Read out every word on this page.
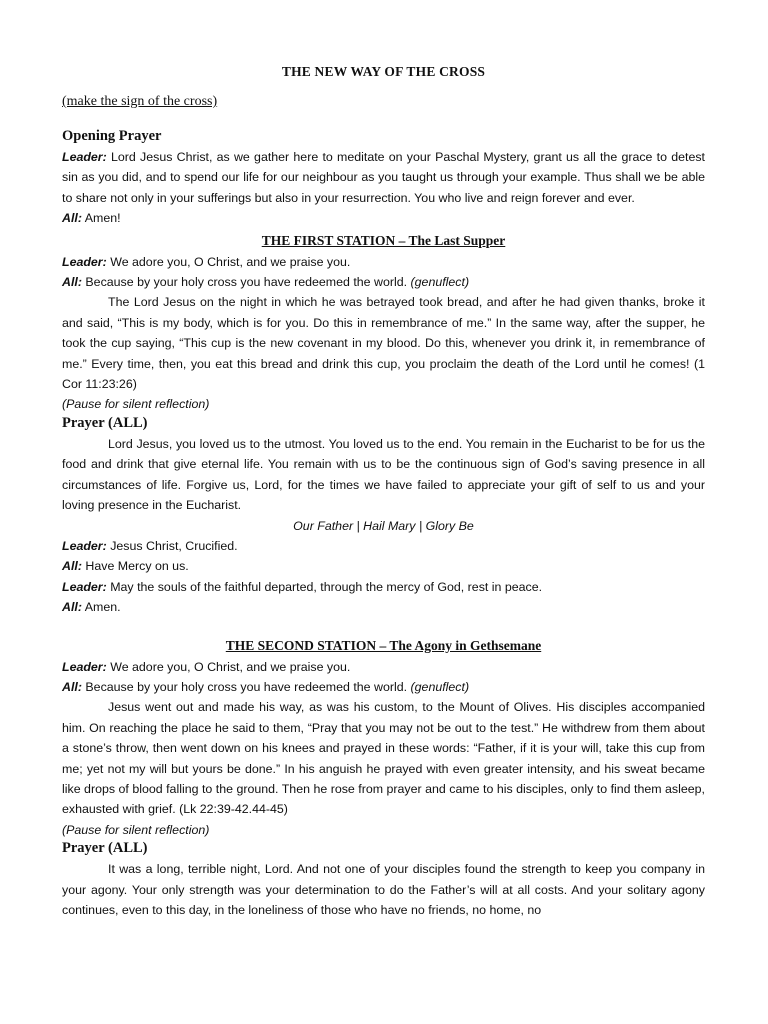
THE NEW WAY OF THE CROSS
(make the sign of the cross)
Opening Prayer

Leader: Lord Jesus Christ, as we gather here to meditate on your Paschal Mystery, grant us all the grace to detest sin as you did, and to spend our life for our neighbour as you taught us through your example. Thus shall we be able to share not only in your sufferings but also in your resurrection. You who live and reign forever and ever.

All: Amen!

THE FIRST STATION – The Last Supper

Leader: We adore you, O Christ, and we praise you.

All: Because by your holy cross you have redeemed the world. (genuflect)

The Lord Jesus on the night in which he was betrayed took bread, and after he had given thanks, broke it and said, “This is my body, which is for you. Do this in remembrance of me.” In the same way, after the supper, he took the cup saying, “This cup is the new covenant in my blood. Do this, whenever you drink it, in remembrance of me.” Every time, then, you eat this bread and drink this cup, you proclaim the death of the Lord until he comes! (1 Cor 11:23:26)

(Pause for silent reflection)

Prayer (ALL)

Lord Jesus, you loved us to the utmost. You loved us to the end. You remain in the Eucharist to be for us the food and drink that give eternal life. You remain with us to be the continuous sign of God’s saving presence in all circumstances of life. Forgive us, Lord, for the times we have failed to appreciate your gift of self to us and your loving presence in the Eucharist.

Our Father | Hail Mary | Glory Be

Leader: Jesus Christ, Crucified.

All: Have Mercy on us.

Leader: May the souls of the faithful departed, through the mercy of God, rest in peace.

All: Amen.

THE SECOND STATION – The Agony in Gethsemane

Leader: We adore you, O Christ, and we praise you.

All: Because by your holy cross you have redeemed the world. (genuflect)

Jesus went out and made his way, as was his custom, to the Mount of Olives. His disciples accompanied him. On reaching the place he said to them, “Pray that you may not be out to the test.” He withdrew from them about a stone’s throw, then went down on his knees and prayed in these words: “Father, if it is your will, take this cup from me; yet not my will but yours be done.” In his anguish he prayed with even greater intensity, and his sweat became like drops of blood falling to the ground. Then he rose from prayer and came to his disciples, only to find them asleep, exhausted with grief. (Lk 22:39-42.44-45)

(Pause for silent reflection)

Prayer (ALL)

It was a long, terrible night, Lord. And not one of your disciples found the strength to keep you company in your agony. Your only strength was your determination to do the Father’s will at all costs. And your solitary agony continues, even to this day, in the loneliness of those who have no friends, no home, no
